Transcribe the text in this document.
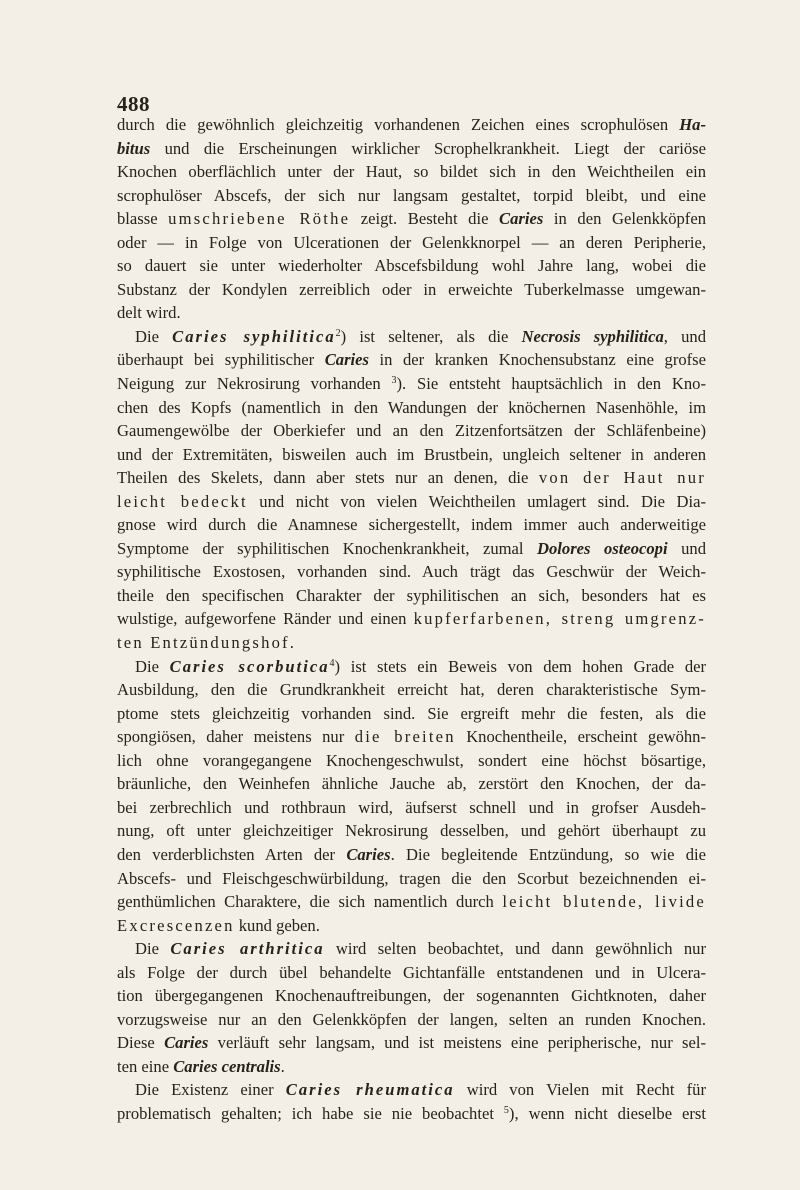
488
durch die gewöhnlich gleichzeitig vorhandenen Zeichen eines scrophulösen Ha-
bitus und die Erscheinungen wirklicher Scrophelkrankheit. Liegt der cariöse
Knochen oberflächlich unter der Haut, so bildet sich in den Weichtheilen ein
scrophulöser Abscefs, der sich nur langsam gestaltet, torpid bleibt, und eine
blasse umschriebene Röthe zeigt. Besteht die Caries in den Gelenkköpfen
oder — in Folge von Ulcerationen der Gelenkknorpel — an deren Peripherie,
so dauert sie unter wiederholter Abscefsbildung wohl Jahre lang, wobei die
Substanz der Kondylen zerreiblich oder in erweichte Tuberkelmasse umgewan-
delt wird.
Die Caries syphilitica$^2$) ist seltener, als die Necrosis syphilitica, und
überhaupt bei syphilitischer Caries in der kranken Knochensubstanz eine grofse
Neigung zur Nekrosirung vorhanden $^3$). Sie entsteht hauptsächlich in den Kno-
chen des Kopfs (namentlich in den Wandungen der knöchernen Nasenhöhle, im
Gaumengewölbe der Oberkiefer und an den Zitzenfortsätzen der Schläfenbeine)
und der Extremitäten, bisweilen auch im Brustbein, ungleich seltener in anderen
Theilen des Skelets, dann aber stets nur an denen, die von der Haut nur
leicht bedeckt und nicht von vielen Weichtheilen umlagert sind. Die Dia-
gnose wird durch die Anamnese sichergestellt, indem immer auch anderweitige
Symptome der syphilitischen Knochenkrankheit, zumal Dolores osteocopi und
syphilitische Exostosen, vorhanden sind. Auch trägt das Geschwür der Weich-
theile den specifischen Charakter der syphilitischen an sich, besonders hat es
wulstige, aufgeworfene Ränder und einen kupferfarbenen, streng umgrenz-
ten Entzündungshof.
Die Caries scorbutica$^4$) ist stets ein Beweis von dem hohen Grade der
Ausbildung, den die Grundkrankheit erreicht hat, deren charakteristische Sym-
ptome stets gleichzeitig vorhanden sind. Sie ergreift mehr die festen, als die
spongiösen, daher meistens nur die breiten Knochentheile, erscheint gewöhn-
lich ohne vorangegangene Knochengeschwulst, sondert eine höchst bösartige,
bräunliche, den Weinhefen ähnliche Jauche ab, zerstört den Knochen, der da-
bei zerbrechlich und rothbraun wird, äufserst schnell und in grofser Ausdeh-
nung, oft unter gleichzeitiger Nekrosirung desselben, und gehört überhaupt zu
den verderblichsten Arten der Caries. Die begleitende Entzündung, so wie die
Abscefs- und Fleischgeschwürbildung, tragen die den Scorbut bezeichnenden ei-
genthümlichen Charaktere, die sich namentlich durch leicht blutende, livide
Excrescenzen kund geben.
Die Caries arthritica wird selten beobachtet, und dann gewöhnlich nur
als Folge der durch übel behandelte Gichtanfälle entstandenen und in Ulcera-
tion übergegangenen Knochenauftreibungen, der sogenannten Gichtknoten, daher
vorzugsweise nur an den Gelenkköpfen der langen, selten an runden Knochen.
Diese Caries verläuft sehr langsam, und ist meistens eine peripherische, nur sel-
ten eine Caries centralis.
Die Existenz einer Caries rheumatica wird von Vielen mit Recht für
problematisch gehalten; ich habe sie nie beobachtet $^5$), wenn nicht dieselbe erst
